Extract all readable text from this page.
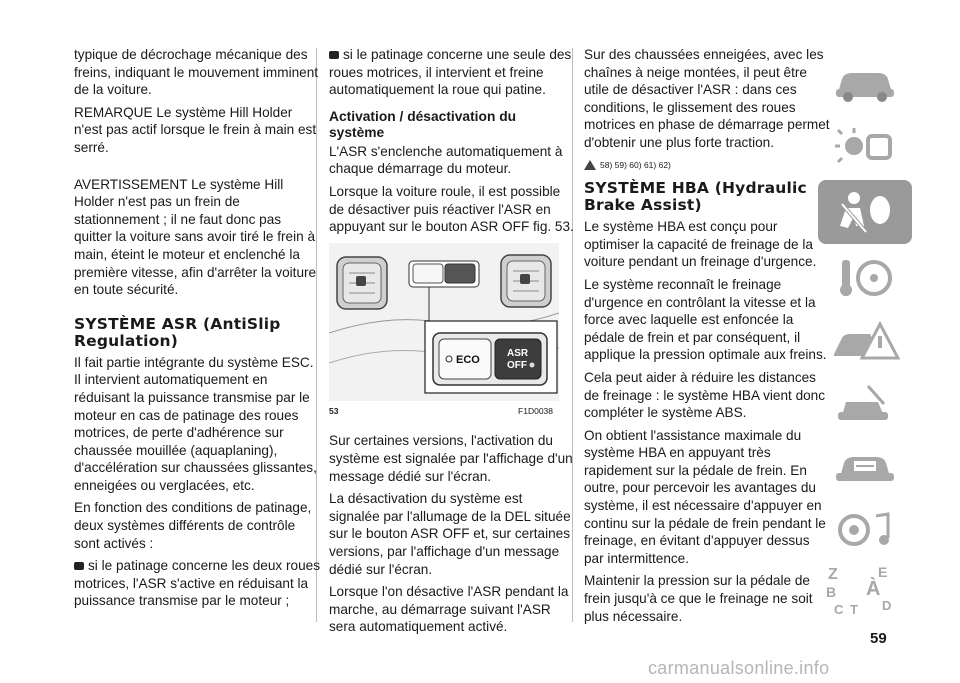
typique de décrochage mécanique des freins, indiquant le mouvement imminent de la voiture.

REMARQUE Le système Hill Holder n'est pas actif lorsque le frein à main est serré.

AVERTISSEMENT Le système Hill Holder n'est pas un frein de stationnement ; il ne faut donc pas quitter la voiture sans avoir tiré le frein à main, éteint le moteur et enclenché la première vitesse, afin d'arrêter la voiture en toute sécurité.

SYSTÈME ASR (AntiSlip Regulation)

Il fait partie intégrante du système ESC. Il intervient automatiquement en réduisant la puissance transmise par le moteur en cas de patinage des roues motrices, de perte d'adhérence sur chaussée mouillée (aquaplaning), d'accélération sur chaussées glissantes, enneigées ou verglacées, etc.

En fonction des conditions de patinage, deux systèmes différents de contrôle sont activés :

si le patinage concerne les deux roues motrices, l'ASR s'active en réduisant la puissance transmise par le moteur ;

si le patinage concerne une seule des roues motrices, il intervient et freine automatiquement la roue qui patine.

Activation / désactivation du système

L'ASR s'enclenche automatiquement à chaque démarrage du moteur.

Lorsque la voiture roule, il est possible de désactiver puis réactiver l'ASR en appuyant sur le bouton ASR OFF fig. 53.

ECO
ASR
OFF
53	F1D0038

Sur certaines versions, l'activation du système est signalée par l'affichage d'un message dédié sur l'écran.

La désactivation du système est signalée par l'allumage de la DEL située sur le bouton ASR OFF et, sur certaines versions, par l'affichage d'un message dédié sur l'écran.

Lorsque l'on désactive l'ASR pendant la marche, au démarrage suivant l'ASR sera automatiquement activé.

Sur des chaussées enneigées, avec les chaînes à neige montées, il peut être utile de désactiver l'ASR : dans ces conditions, le glissement des roues motrices en phase de démarrage permet d'obtenir une plus forte traction.

58) 59) 60) 61) 62)
SYSTÈME HBA (Hydraulic Brake Assist)

Le système HBA est conçu pour optimiser la capacité de freinage de la voiture pendant un freinage d'urgence.

Le système reconnaît le freinage d'urgence en contrôlant la vitesse et la force avec laquelle est enfoncée la pédale de frein et par conséquent, il applique la pression optimale aux freins.

Cela peut aider à réduire les distances de freinage : le système HBA vient donc compléter le système ABS.

On obtient l'assistance maximale du système HBA en appuyant très rapidement sur la pédale de frein. En outre, pour percevoir les avantages du système, il est nécessaire d'appuyer en continu sur la pédale de frein pendant le freinage, en évitant d'appuyer dessus par intermittence.

Maintenir la pression sur la pédale de frein jusqu'à ce que le freinage ne soit plus nécessaire.

Z	E
B À
C T D
59
carmanualsonline.info
